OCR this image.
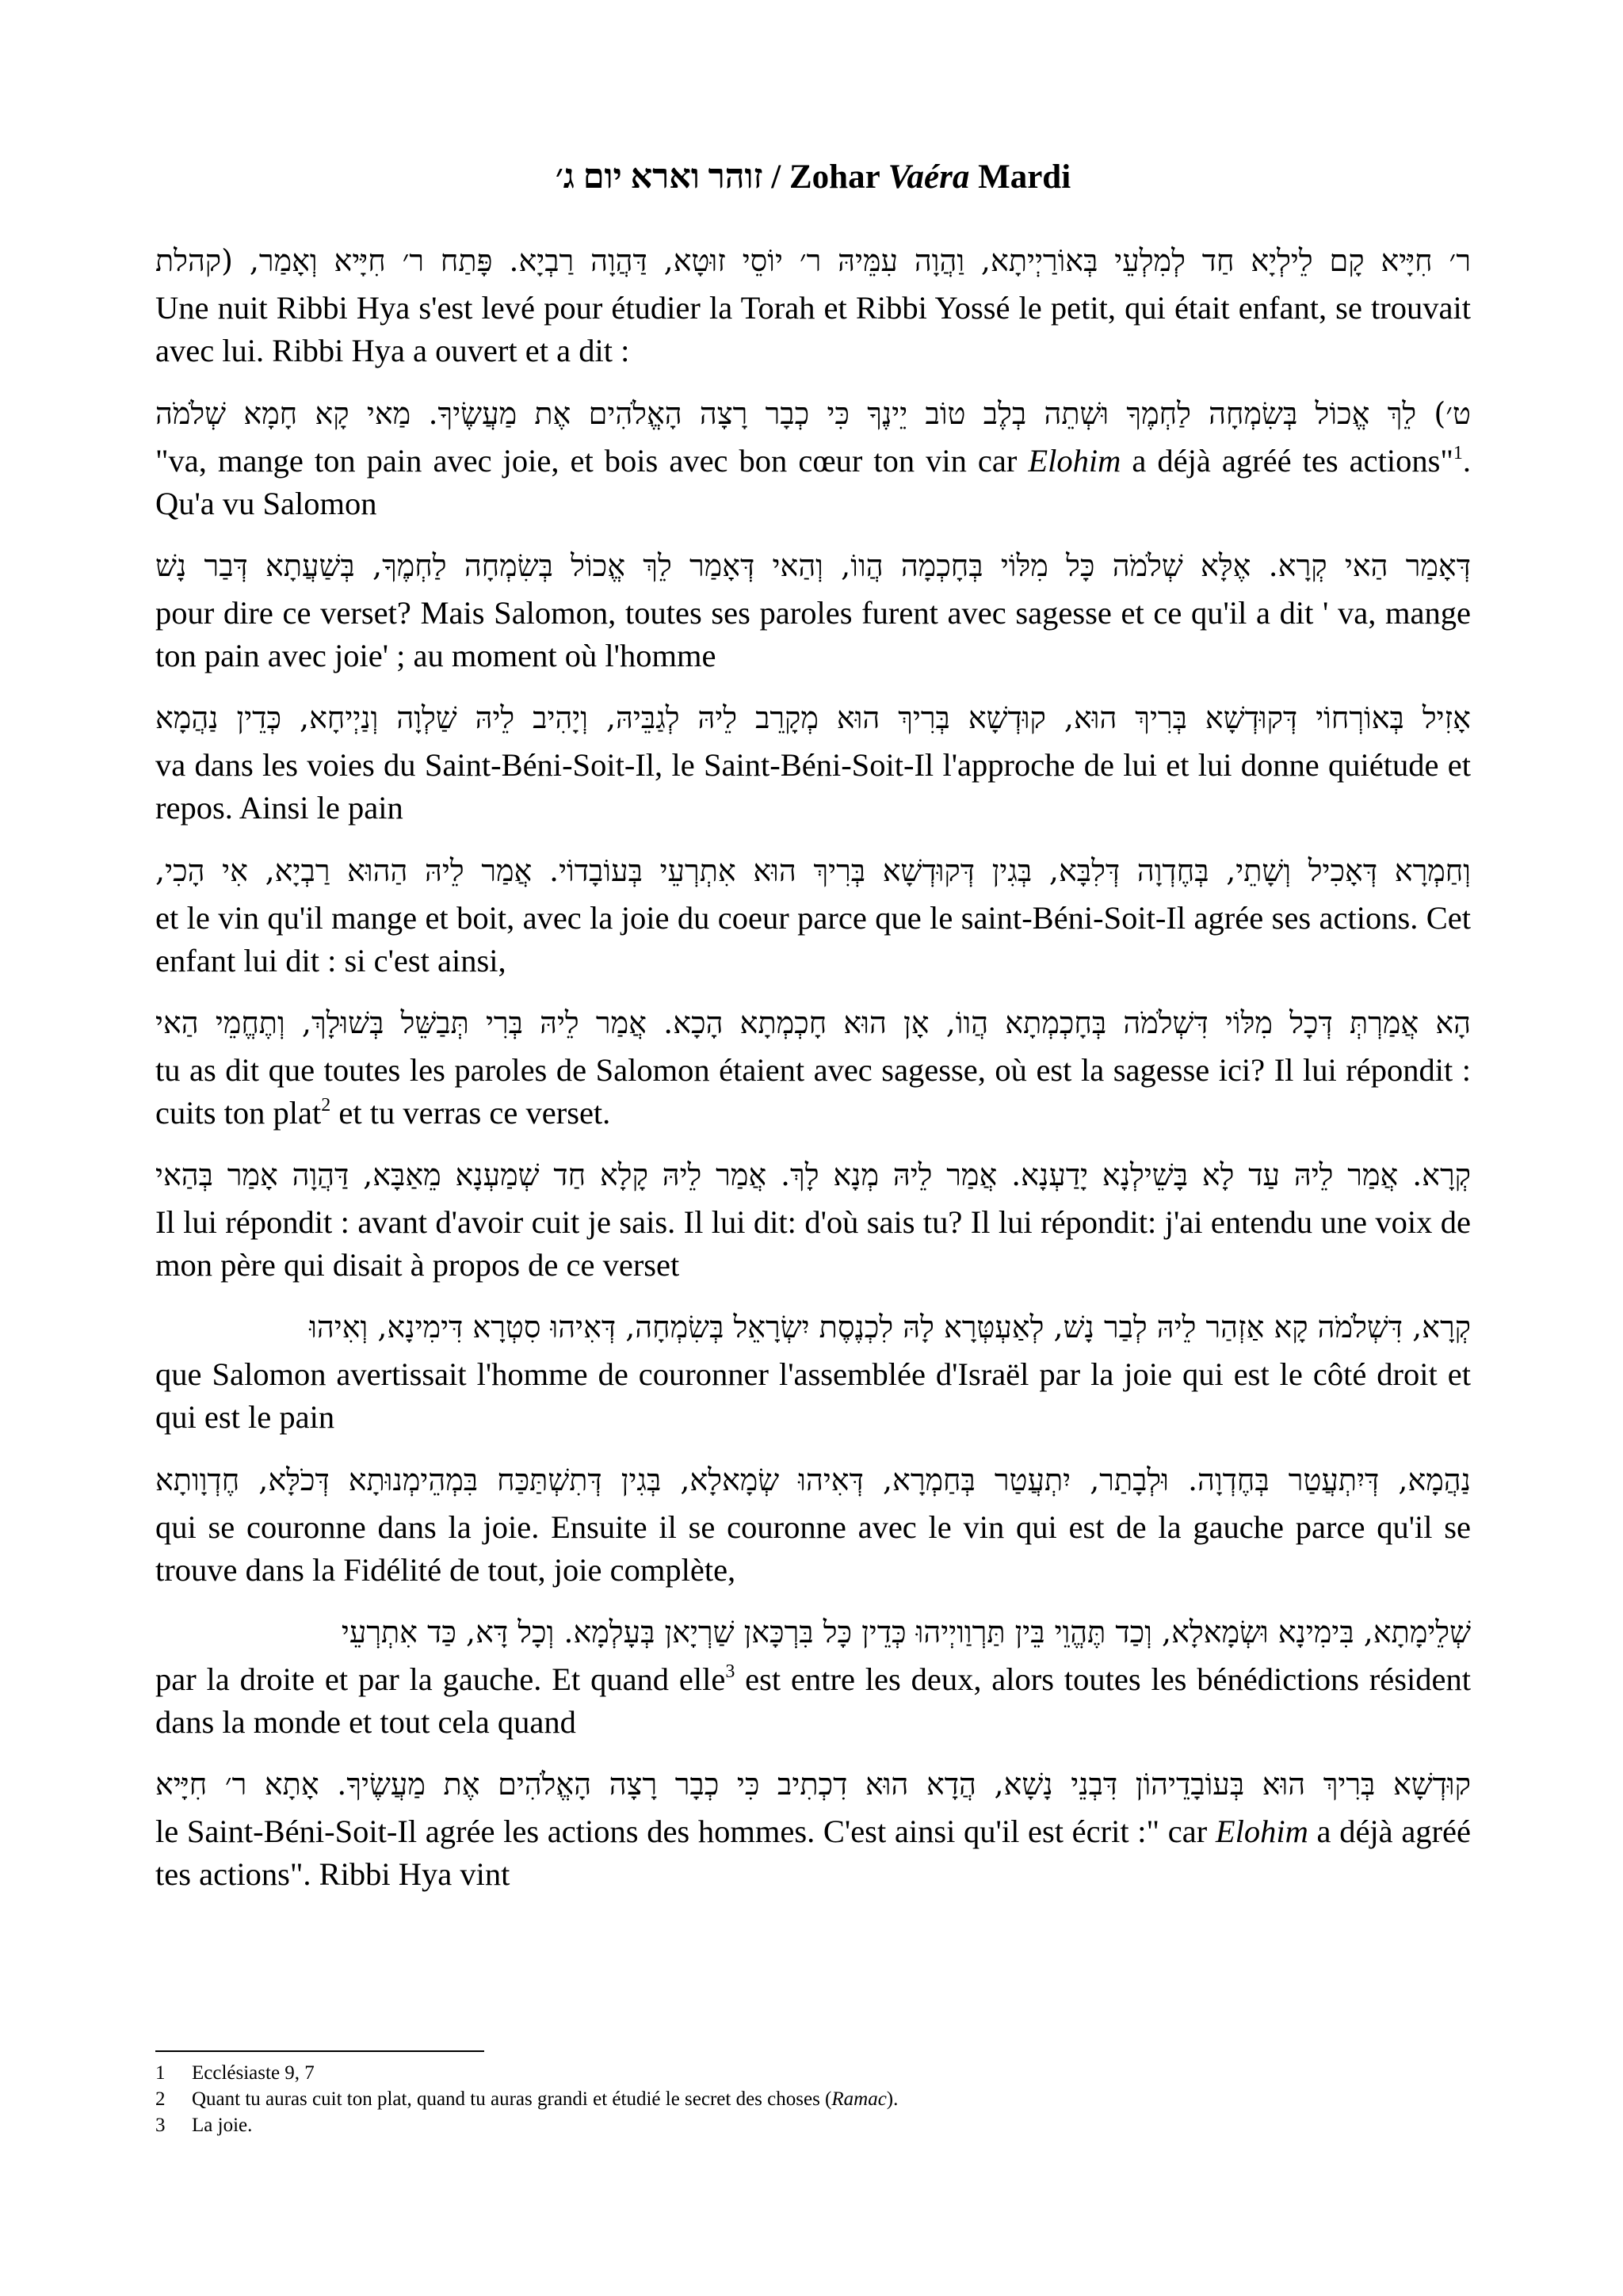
זוהר וארא יום ג׳ / Zohar Vaéra Mardi
ר׳ חִיָּיא קָם לֵילְיָא חַד לְמִלְעֵי בְּאוֹרַיְיתָא, וַהֲוָה עִמֵּיהּ ר׳ יוֹסֵי זוּטָא, דַּהֲוָה רַבְיָא. פָּתַח ר׳ חִיָּיא וְאָמַר, (קהלת
Une nuit Ribbi Hya s'est levé pour étudier la Torah et Ribbi Yossé le petit, qui était enfant, se trouvait avec lui. Ribbi Hya a ouvert et a dit :
ט׳) לֵךְ אֱכוֹל בְּשִׂמְחָה לַחְמֶךָ וּשְׁתֵה בְלֶב טוֹב יֵינֶךָ כִּי כְבָר רָצָה הָאֱלֹהִים אֶת מַעֲשֶׂיךָ. מַאי קָא חָמָא שְׁלֹמֹה
"va, mange ton pain avec joie, et bois avec bon cœur ton vin car Elohim a déjà agréé tes actions"$^1$. Qu'a vu Salomon
דְּאָמַר הַאי קְרָא. אֶלָּא שְׁלֹמֹה כָּל מִלּוֹי בְּחָכְמָה הֲווֹ, וְהַאי דְּאָמַר לֵךְ אֱכוֹל בְּשִׂמְחָה לַחְמֶךָ, בְּשַׁעֲתָא דְּבַר נָשׁ
pour dire ce verset? Mais Salomon, toutes ses paroles furent avec sagesse et ce qu'il a dit ' va, mange ton pain avec joie' ; au moment où l'homme
אָזִיל בְּאוֹרְחוֹי דְּקוּדְשָׁא בְּרִיךְ הוּא, קוּדְשָׁא בְּרִיךְ הוּא מְקָרֵב לֵיהּ לְגַבֵּיהּ, וְיָהִיב לֵיהּ שַׁלְוָה וְנַיְיחָא, כְּדֵין נַהֲמָא
va dans les voies du Saint-Béni-Soit-Il, le Saint-Béni-Soit-Il l'approche de lui et lui donne quiétude et repos. Ainsi le pain
וְחַמְרָא דְּאָכִיל וְשָׁתֵי, בְּחֶדְוָה דְּלִבָּא, בְּגִין דְּקוּדְשָׁא בְּרִיךְ הוּא אִתְרְעֵי בְּעוֹבָדוֹי. אֲמַר לֵיהּ הַהוּא רַבְיָא, אִי הָכִי,
et le vin qu'il mange et boit, avec la joie du coeur parce que le saint-Béni-Soit-Il agrée ses actions. Cet enfant lui dit : si c'est ainsi,
הָא אֲמַרְתְּ דְּכָל מִלּוֹי דִּשְׁלֹמֹה בְּחָכְמְתָא הֲווֹ, אָן הוּא חָכְמְתָא הָכָא. אֲמַר לֵיהּ בְּרִי תְּבַשֵּׁל בְּשׁוּלָךְ, וְתֶחֱמֵי הַאי
tu as dit que toutes les paroles de Salomon étaient avec sagesse, où est la sagesse ici? Il lui répondit : cuits ton plat$^2$ et tu verras ce verset.
קְרָא. אֲמַר לֵיהּ עַד לָא בָּשֵׁילְנָא יָדַעְנָא. אֲמַר לֵיהּ מְנָא לָךְ. אֲמַר לֵיהּ קָלָא חַד שְׁמַעְנָא מֵאַבָּא, דַּהֲוָה אָמַר בְּהַאי
Il lui répondit : avant d'avoir cuit je sais. Il lui dit: d'où sais tu? Il lui répondit: j'ai entendu une voix de mon père qui disait à propos de ce verset
קְרָא, דִּשְׁלֹמֹה קָא אַזְהַר לֵיהּ לְבַר נָשׁ, לְאַעְטְּרָא לָהּ לִכְנֶסֶת יִשְׂרָאֵל בְּשִׂמְחָה, דְּאִיהוּ סִטְרָא דִּימִינָא, וְאִיהוּ
que Salomon avertissait l'homme de couronner l'assemblée d'Israël par la joie qui est le côté droit et qui est le pain
נַהֲמָא, דְּיִתְעֲטַר בְּחֶדְוָה. וּלְבָתַר, יִתְעֲטַר בְּחַמְרָא, דְּאִיהוּ שְׂמָאלָא, בְּגִין דְּתִשְׁתַּכַּח בִּמְהֵימְנוּתָא דְּכֹלָּא, חֶדְוָותָא
qui se couronne dans la joie. Ensuite il se couronne avec le vin qui est de la gauche parce qu'il se trouve dans la Fidélité de tout, joie complète,
שְׁלֵימָתָא, בִּימִינָא וּשְׂמָאלָא, וְכַד תֶּהֱוֵי בֵּין תַּרְוַויְיהוּ כְּדֵין כָּל בִּרְכָּאן שַׁרְיָאן בְּעָלְמָא. וְכָל דָּא, כַּד אִתְרְעֵי
par la droite et par la gauche. Et quand elle$^3$ est entre les deux, alors toutes les bénédictions résident dans la monde et tout cela quand
קוּדְשָׁא בְּרִיךְ הוּא בְּעוֹבָדֵיהוֹן דִּבְנֵי נָשָׁא, הֲדָא הוּא דִכְתִיב כִּי כְבָר רָצָה הָאֱלֹהִים אֶת מַעֲשֶׂיךָ. אָתָא ר׳ חִיָּיא
le Saint-Béni-Soit-Il agrée les actions des hommes. C'est ainsi qu'il est écrit :" car Elohim a déjà agréé tes actions". Ribbi Hya vint
1 Ecclésiaste 9, 7
2 Quant tu auras cuit ton plat, quand tu auras grandi et étudié le secret des choses (Ramac).
3 La joie.
